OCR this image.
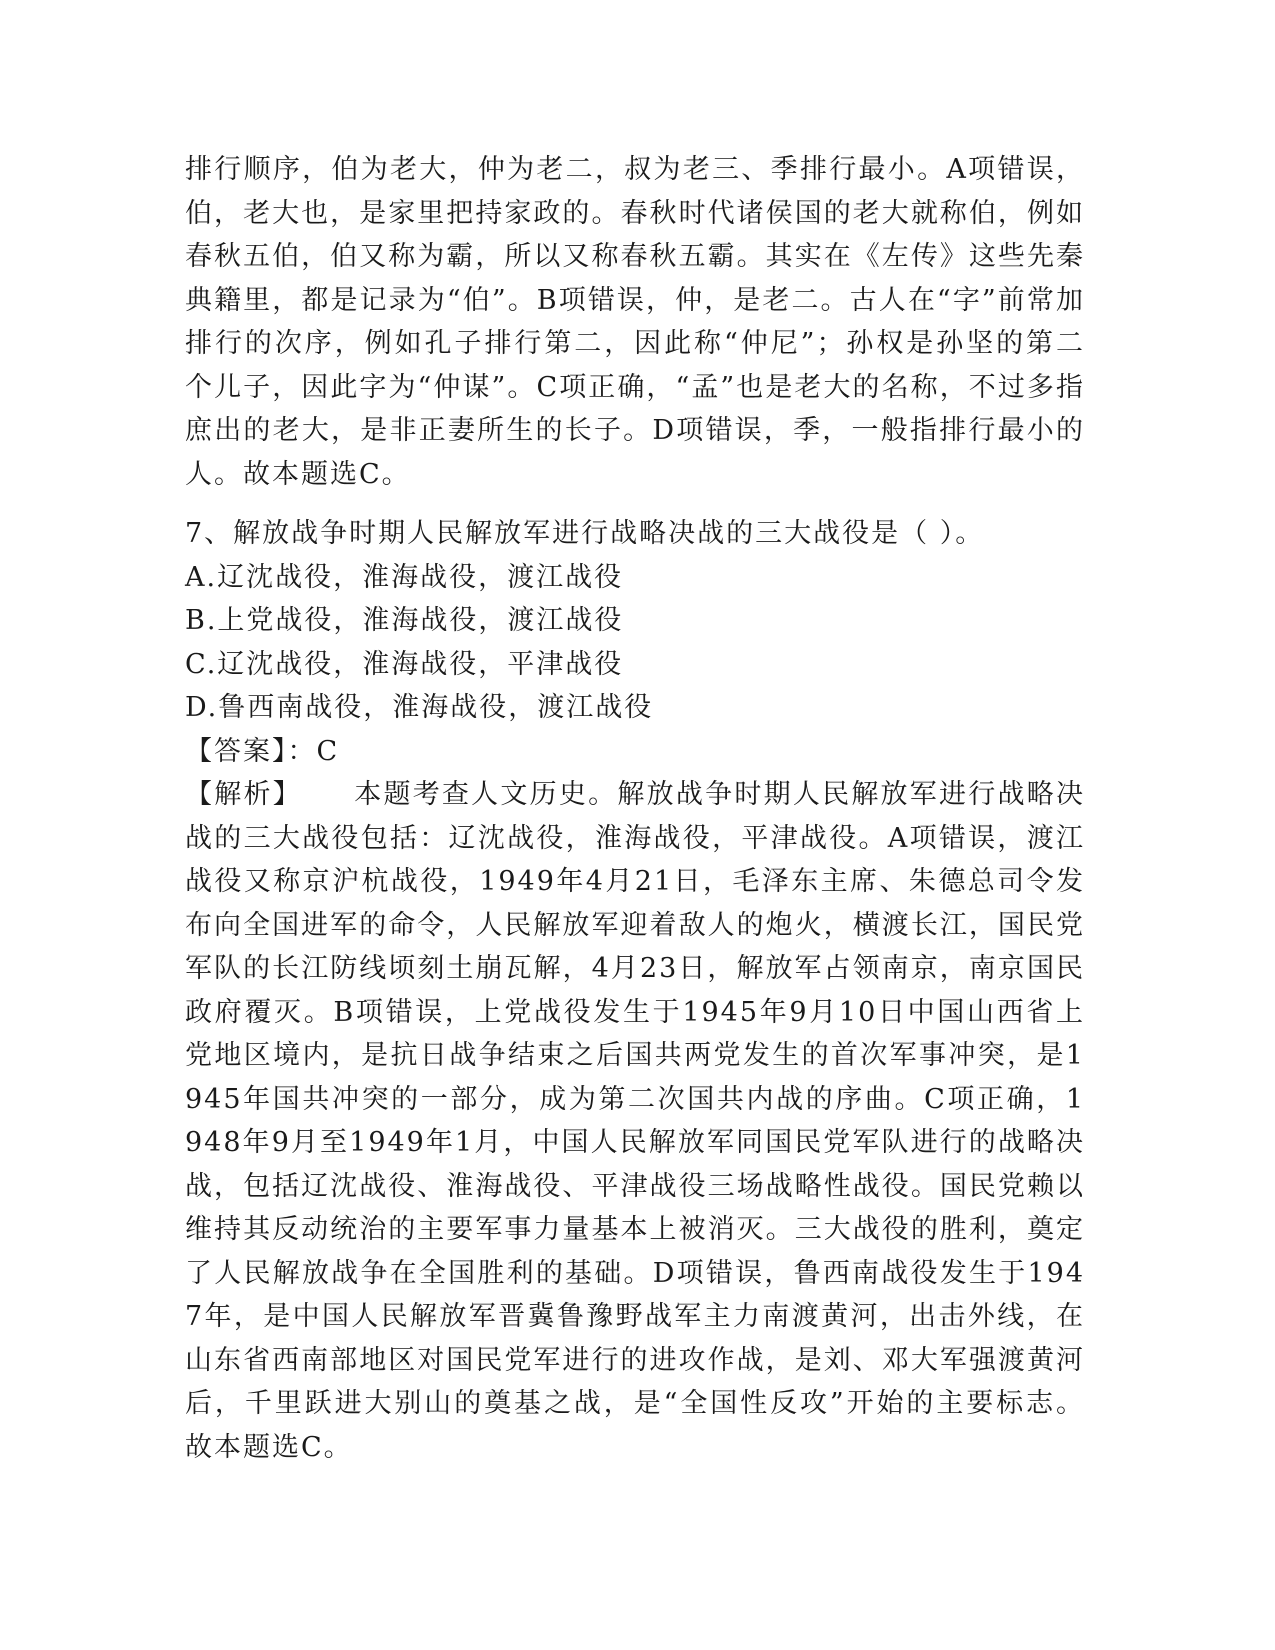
排行顺序，伯为老大，仲为老二，叔为老三、季排行最小。A项错误，伯，老大也，是家里把持家政的。春秋时代诸侯国的老大就称伯，例如春秋五伯，伯又称为霸，所以又称春秋五霸。其实在《左传》这些先秦典籍里，都是记录为“伯”。B项错误，仲，是老二。古人在“字”前常加排行的次序，例如孔子排行第二，因此称“仲尼”；孙权是孙坚的第二个儿子，因此字为“仲谋”。C项正确，“孟”也是老大的名称，不过多指庶出的老大，是非正妻所生的长子。D项错误，季，一般指排行最小的人。故本题选C。

7、解放战争时期人民解放军进行战略决战的三大战役是（ ）。

A.辽沈战役，淮海战役，渡江战役

B.上党战役，淮海战役，渡江战役

C.辽沈战役，淮海战役，平津战役

D.鲁西南战役，淮海战役，渡江战役

【答案】：C

【解析】 本题考查人文历史。解放战争时期人民解放军进行战略决战的三大战役包括：辽沈战役，淮海战役，平津战役。A项错误，渡江战役又称京沪杭战役，1949年4月21日，毛泽东主席、朱德总司令发布向全国进军的命令，人民解放军迎着敌人的炮火，横渡长江，国民党军队的长江防线顷刻土崩瓦解，4月23日，解放军占领南京，南京国民政府覆灭。B项错误，上党战役发生于1945年9月10日中国山西省上党地区境内，是抗日战争结束之后国共两党发生的首次军事冲突，是1945年国共冲突的一部分，成为第二次国共内战的序曲。C项正确，1948年9月至1949年1月，中国人民解放军同国民党军队进行的战略决战，包括辽沈战役、淮海战役、平津战役三场战略性战役。国民党赖以维持其反动统治的主要军事力量基本上被消灭。三大战役的胜利，奠定了人民解放战争在全国胜利的基础。D项错误，鲁西南战役发生于1947年，是中国人民解放军晋冀鲁豫野战军主力南渡黄河，出击外线，在山东省西南部地区对国民党军进行的进攻作战，是刘、邓大军强渡黄河后，千里跃进大别山的奠基之战，是“全国性反攻”开始的主要标志。故本题选C。
